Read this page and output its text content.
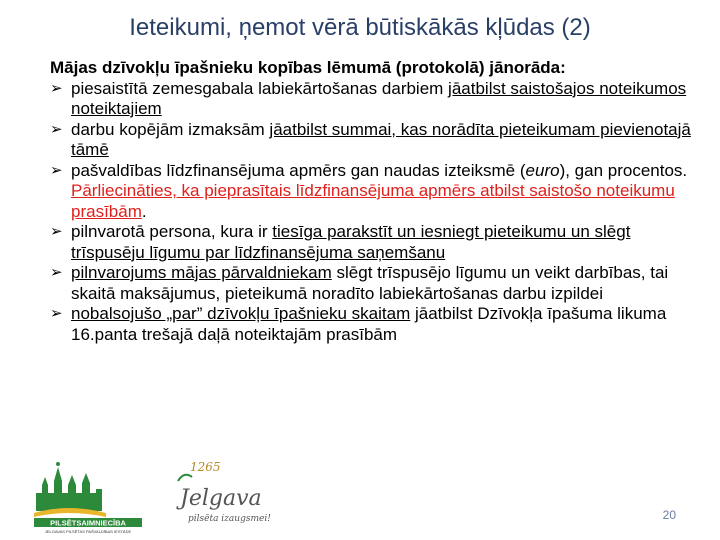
Ieteikumi, ņemot vērā būtiskākās kļūdas (2)
Mājas dzīvokļu īpašnieku kopības lēmumā (protokolā) jānorāda:
➢ piesaistītā zemesgabala labiekārtošanas darbiem jāatbilst saistošajos noteikumos noteiktajiem
➢ darbu kopējām izmaksām jāatbilst summai, kas norādīta pieteikumam pievienotajā tāmē
➢ pašvaldības līdzfinansējuma apmērs gan naudas izteiksmē (euro), gan procentos. Pārliecināties, ka pieprasītais līdzfinansējuma apmērs atbilst saistošo noteikumu prasībām.
➢ pilnvarotā persona, kura ir tiesīga parakstīt un iesniegt pieteikumu un slēgt trīspusēju līgumu par līdzfinansējuma saņemšanu
➢ pilnvarojums mājas pārvaldniekam slēgt trīspusējo līgumu un veikt darbības, tai skaitā maksājumus, pieteikumā noradīto labiekārtošanas darbu izpildei
➢ nobalsojušo „par” dzīvokļu īpašnieku skaitam jāatbilst Dzīvokļa īpašuma likuma 16.panta trešajā daļā noteiktajām prasībām
PILSĒTSAIMNIECĪBA
JELGAVAS PILSĒTAS PAŠVALDĪBAS IESTĀDE
1265
Jelgava
pilsēta izaugsmei!	20
